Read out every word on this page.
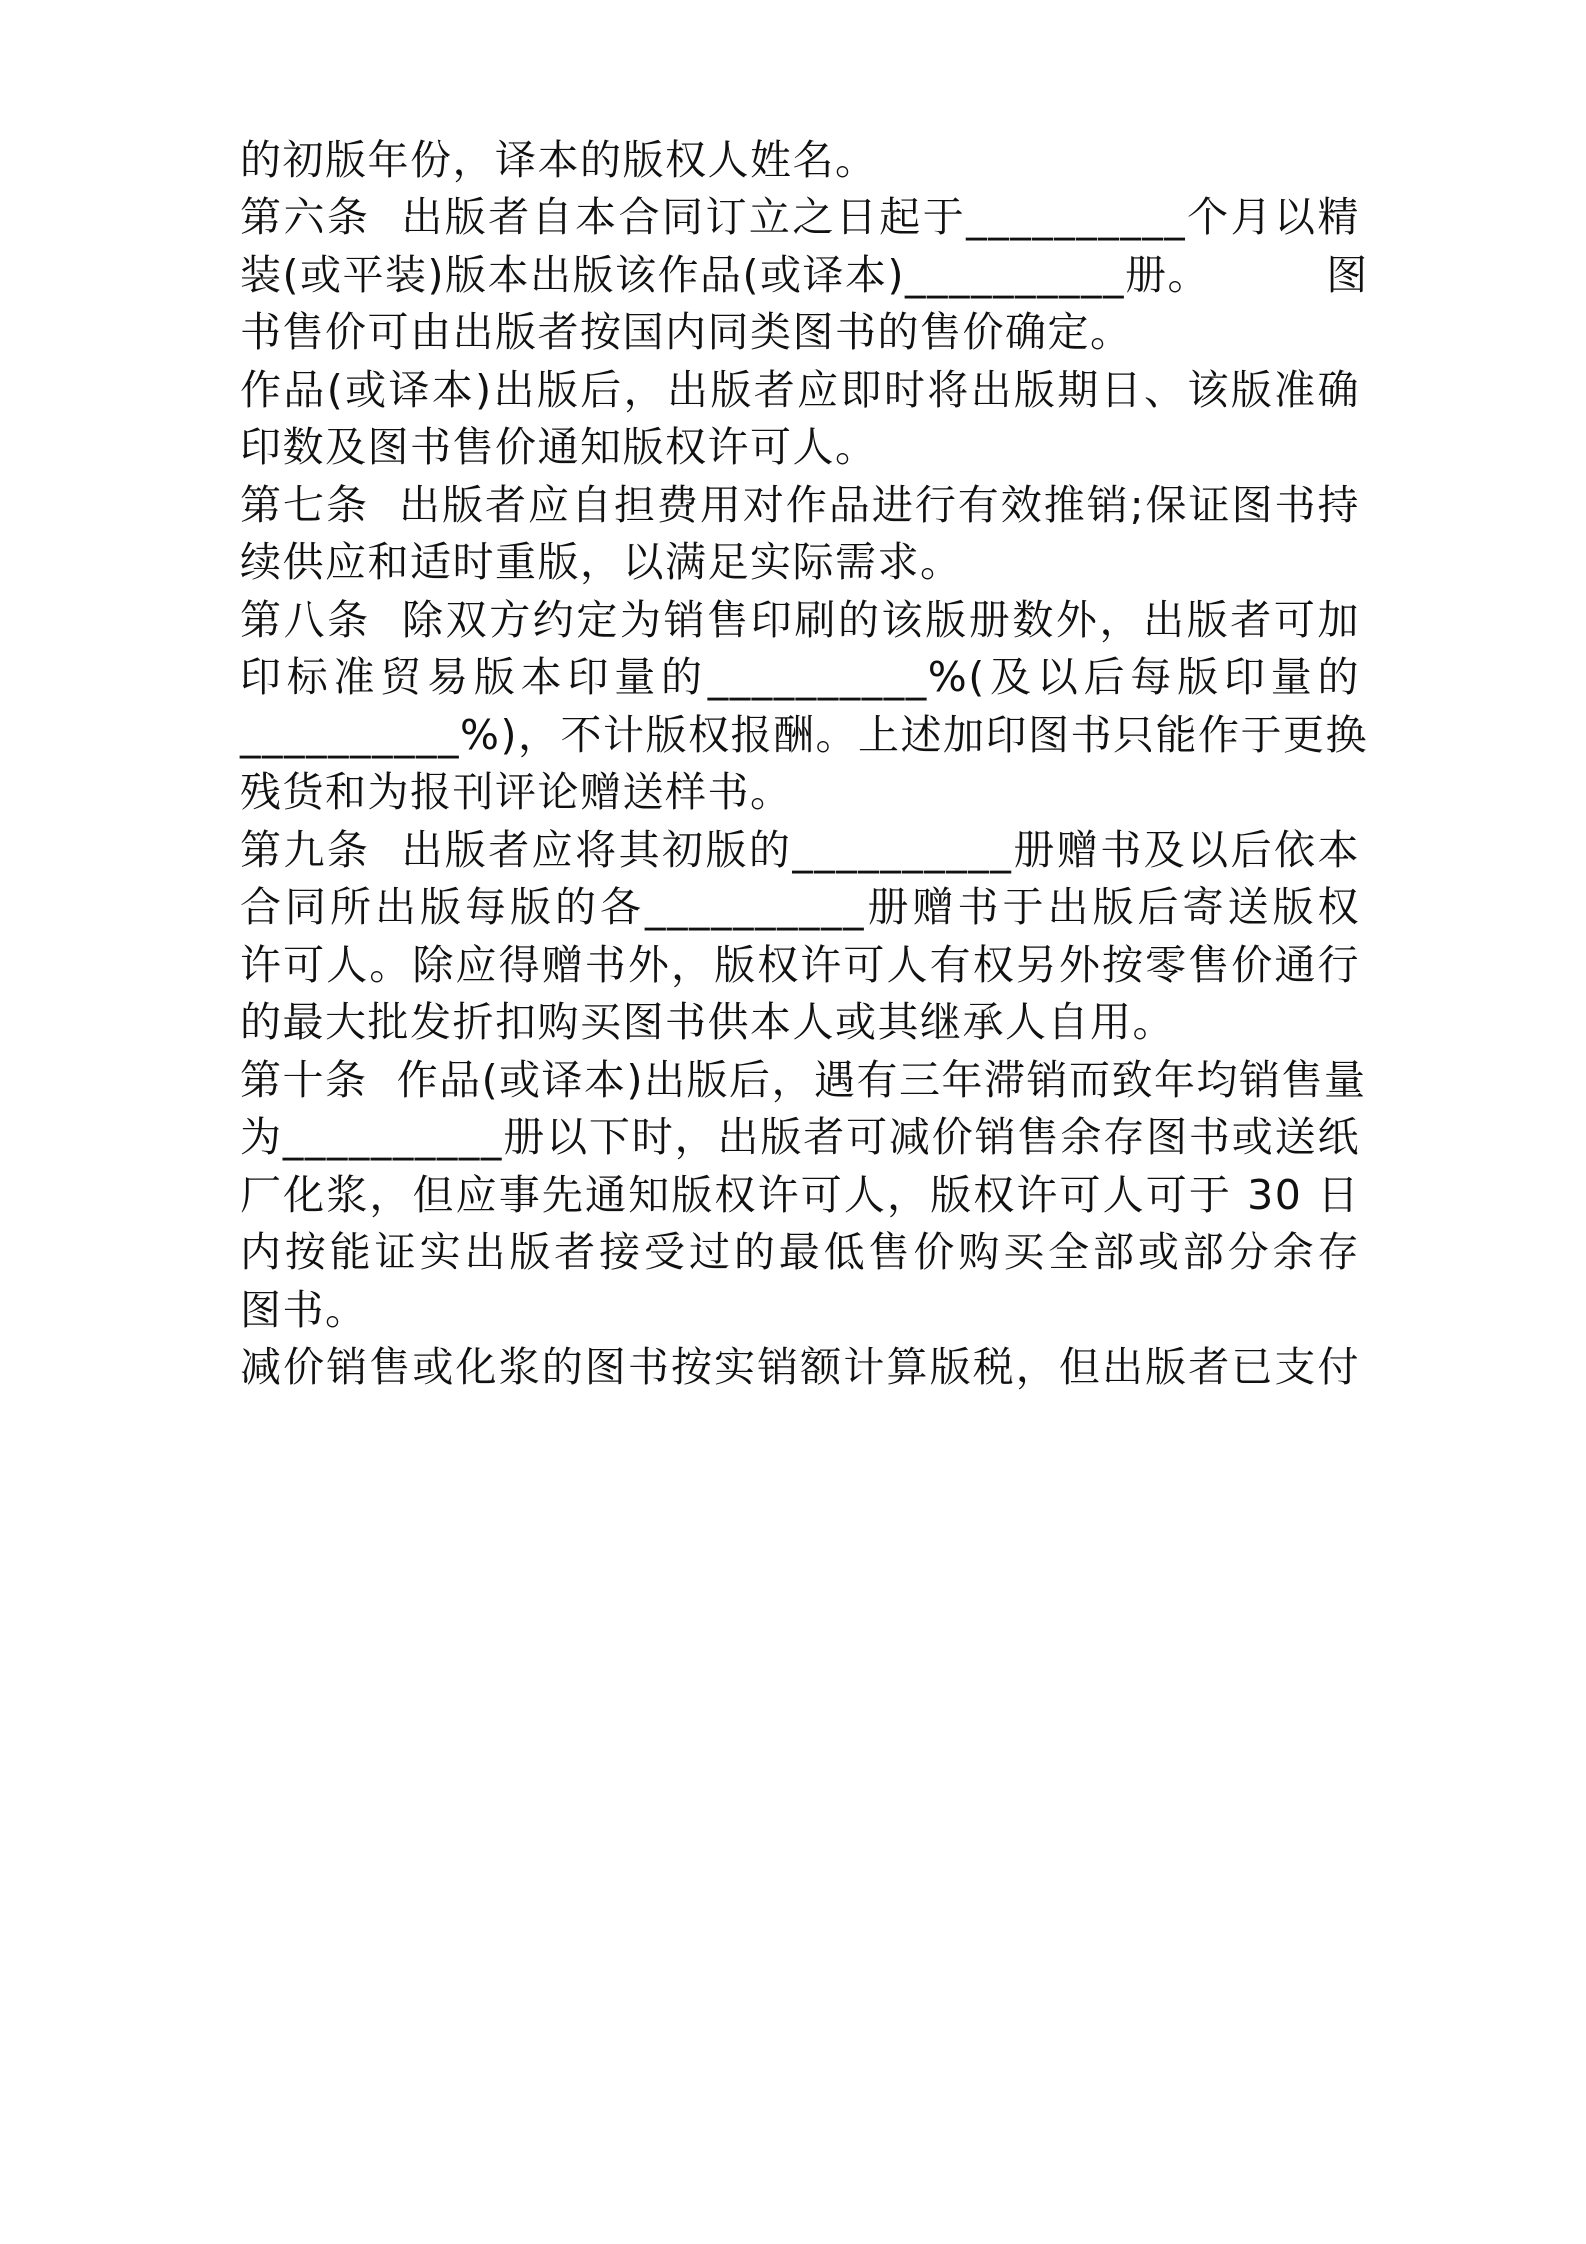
的初版年份，译本的版权人姓名。
第六条  出版者自本合同订立之日起于__________个月以精
装(或平装)版本出版该作品(或译本)__________册。        图
书售价可由出版者按国内同类图书的售价确定。
作品(或译本)出版后，出版者应即时将出版期日、该版准确
印数及图书售价通知版权许可人。
第七条  出版者应自担费用对作品进行有效推销;保证图书持
续供应和适时重版，以满足实际需求。
第八条  除双方约定为销售印刷的该版册数外，出版者可加
印标准贸易版本印量的__________%(及以后每版印量的
__________%)，不计版权报酬。上述加印图书只能作于更换
残货和为报刊评论赠送样书。
第九条  出版者应将其初版的__________册赠书及以后依本
合同所出版每版的各__________册赠书于出版后寄送版权
许可人。除应得赠书外，版权许可人有权另外按零售价通行
的最大批发折扣购买图书供本人或其继承人自用。
第十条  作品(或译本)出版后，遇有三年滞销而致年均销售量
为__________册以下时，出版者可减价销售余存图书或送纸
厂化浆，但应事先通知版权许可人，版权许可人可于 30 日
内按能证实出版者接受过的最低售价购买全部或部分余存
图书。
减价销售或化浆的图书按实销额计算版税，但出版者已支付
